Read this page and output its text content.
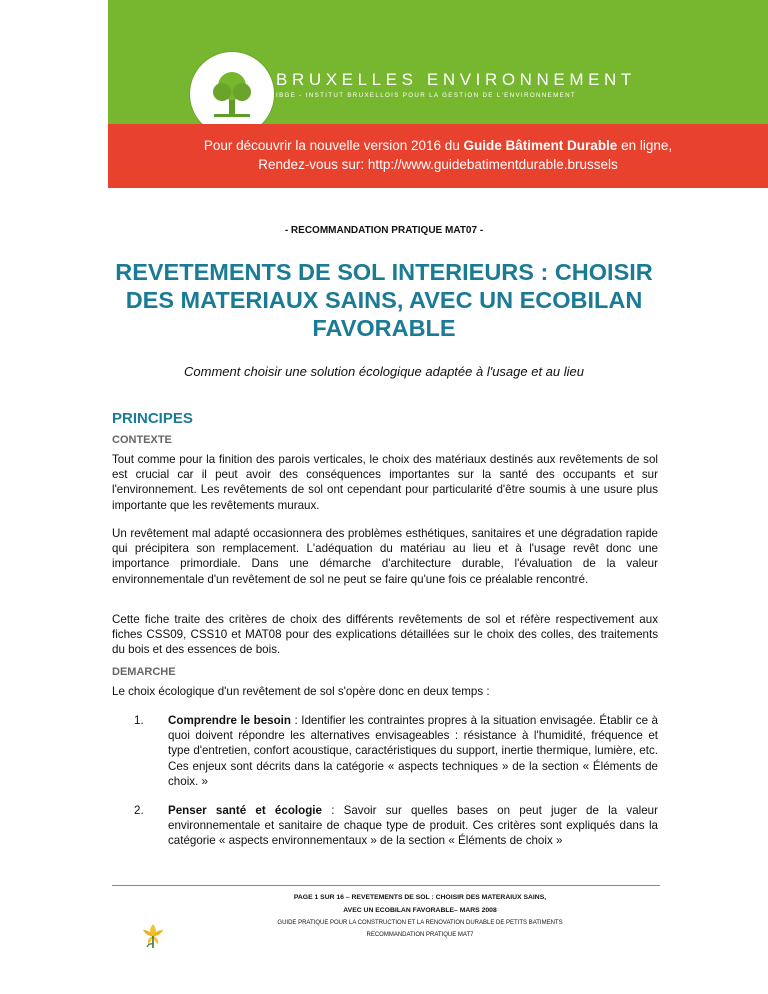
BRUXELLES ENVIRONNEMENT
IBGE - INSTITUT BRUXELLOIS POUR LA GESTION DE L'ENVIRONNEMENT
Pour découvrir la nouvelle version 2016 du Guide Bâtiment Durable en ligne,
Rendez-vous sur: http://www.guidebatimentdurable.brussels
- RECOMMANDATION PRATIQUE MAT07 -
REVETEMENTS DE SOL INTERIEURS : CHOISIR
DES MATERIAUX SAINS, AVEC UN ECOBILAN
FAVORABLE
Comment choisir une solution écologique adaptée à l'usage et au lieu
PRINCIPES
CONTEXTE

Tout comme pour la finition des parois verticales, le choix des matériaux destinés aux revêtements de sol est crucial car il peut avoir des conséquences importantes sur la santé des occupants et sur l'environnement. Les revêtements de sol ont cependant pour particularité d'être soumis à une usure plus importante que les revêtements muraux.

Un revêtement mal adapté occasionnera des problèmes esthétiques, sanitaires et une dégradation rapide qui précipitera son remplacement. L'adéquation du matériau au lieu et à l'usage revêt donc une importance primordiale. Dans une démarche d'architecture durable, l'évaluation de la valeur environnementale d'un revêtement de sol ne peut se faire qu'une fois ce préalable rencontré.

Cette fiche traite des critères de choix des différents revêtements de sol et réfère respectivement aux fiches CSS09, CSS10 et MAT08 pour des explications détaillées sur le choix des colles, des traitements du bois et des essences de bois.

DEMARCHE

Le choix écologique d'un revêtement de sol s'opère donc en deux temps :

1. Comprendre le besoin : Identifier les contraintes propres à la situation envisagée. Établir ce à quoi doivent répondre les alternatives envisageables : résistance à l'humidité, fréquence et type d'entretien, confort acoustique, caractéristiques du support, inertie thermique, lumière, etc. Ces enjeux sont décrits dans la catégorie « aspects techniques » de la section « Éléments de choix. »
2. Penser santé et écologie : Savoir sur quelles bases on peut juger de la valeur environnementale et sanitaire de chaque type de produit. Ces critères sont expliqués dans la catégorie « aspects environnementaux » de la section « Éléments de choix »
PAGE 1 SUR 16 – REVETEMENTS DE SOL : CHOISIR DES MATERAIUX SAINS,
AVEC UN ECOBILAN FAVORABLE– MARS 2008
GUIDE PRATIQUE POUR LA CONSTRUCTION ET LA RENOVATION DURABLE DE PETITS BATIMENTS
RECOMMANDATION PRATIQUE MAT7
